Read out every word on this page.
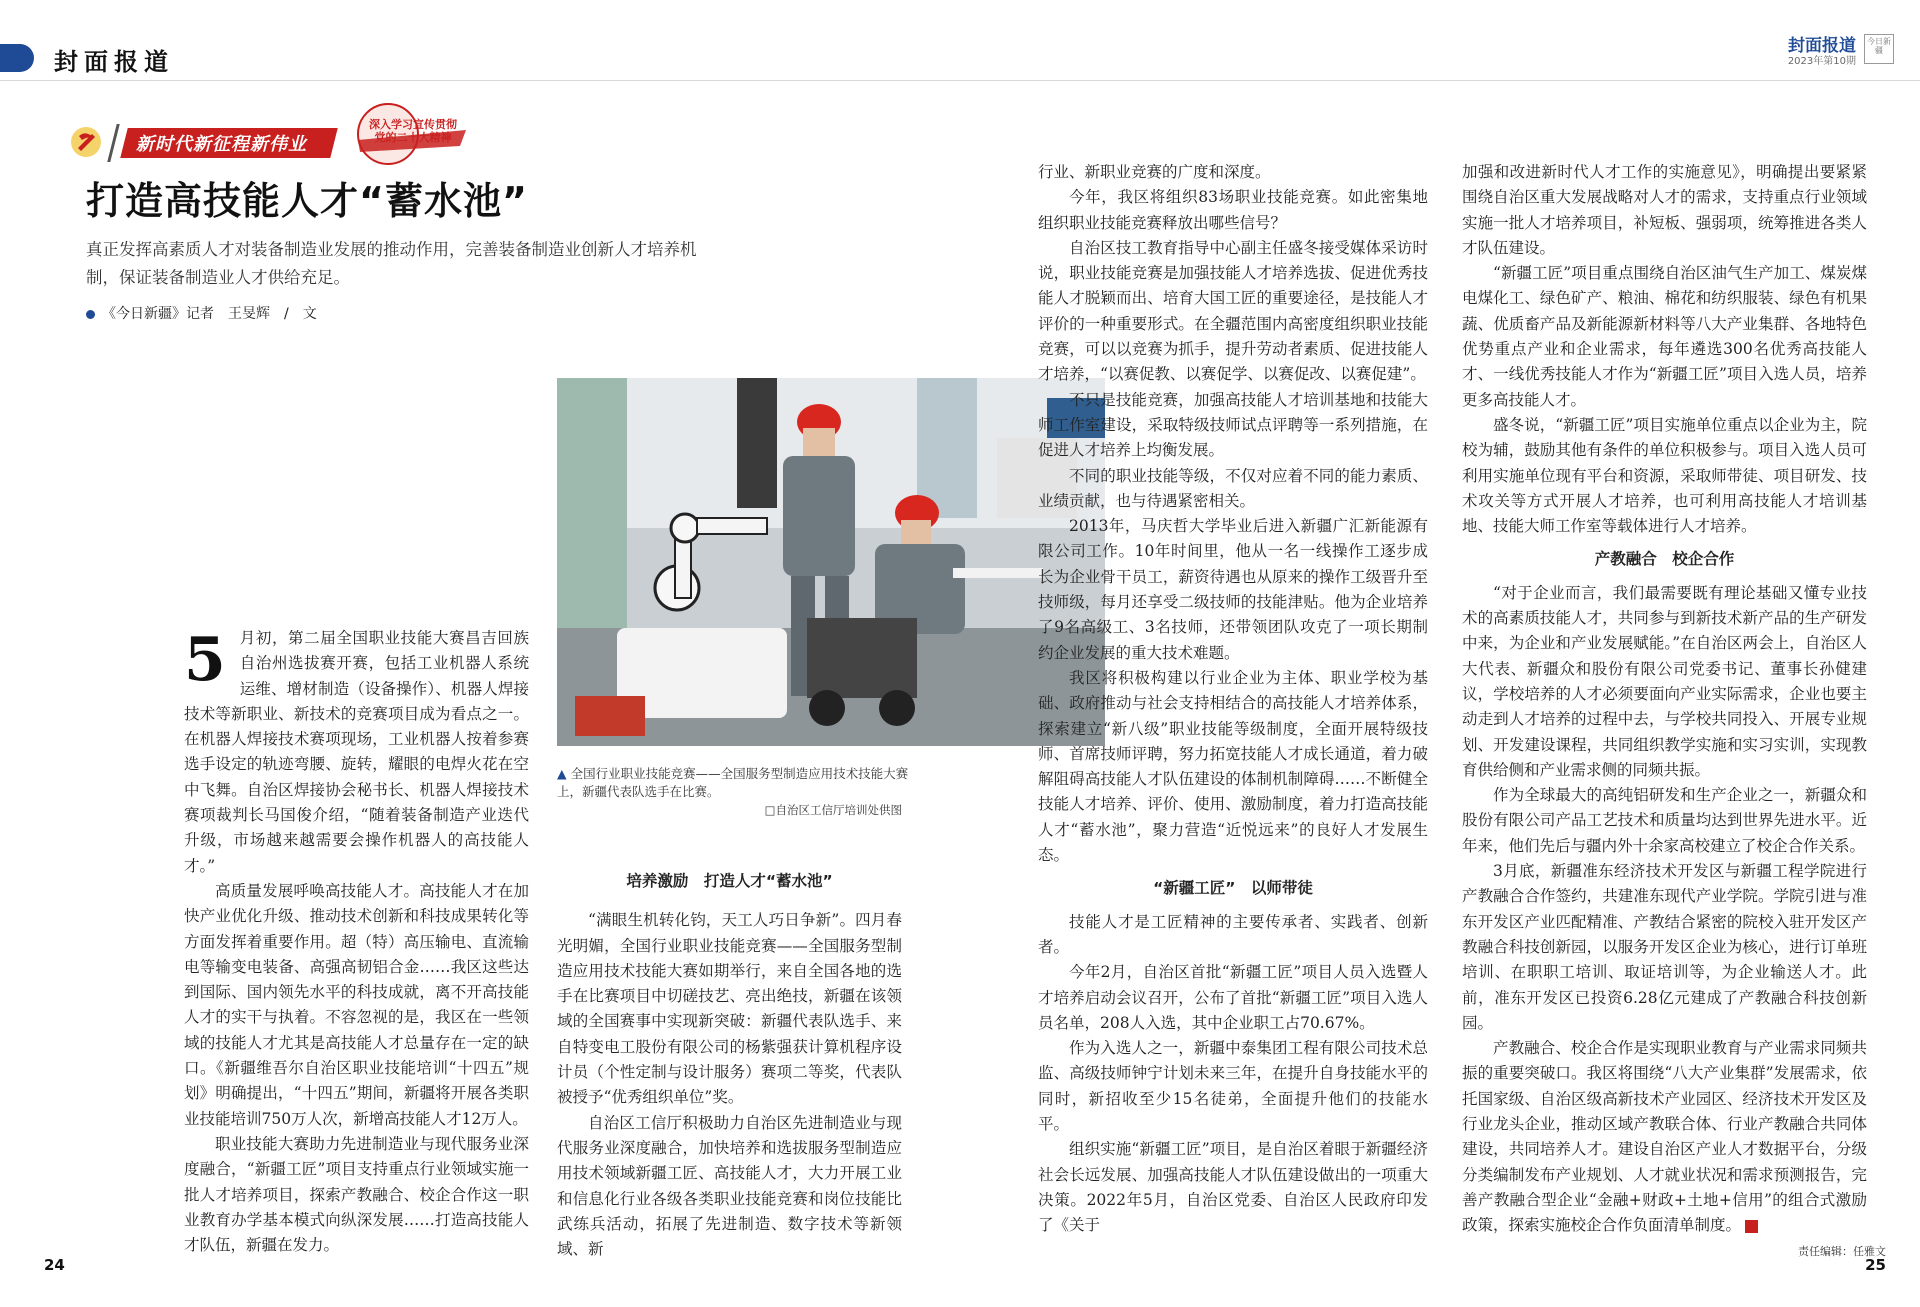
封面报道
封面报道
2023年第10期
今日新疆
新时代新征程新伟业
深入学习宣传贯彻党的二十大精神
打造高技能人才“蓄水池”
真正发挥高素质人才对装备制造业发展的推动作用，完善装备制造业创新人才培养机制，保证装备制造业人才供给充足。
《今日新疆》记者　王旻辉　/　文
▲ 全国行业职业技能竞赛——全国服务型制造应用技术技能大赛上，新疆代表队选手在比赛。
□自治区工信厅培训处供图
5 月初，第二届全国职业技能大赛昌吉回族自治州选拔赛开赛，包括工业机器人系统运维、增材制造（设备操作）、机器人焊接技术等新职业、新技术的竞赛项目成为看点之一。在机器人焊接技术赛项现场，工业机器人按着参赛选手设定的轨迹弯腰、旋转，耀眼的电焊火花在空中飞舞。自治区焊接协会秘书长、机器人焊接技术赛项裁判长马国俊介绍，“随着装备制造产业迭代升级，市场越来越需要会操作机器人的高技能人才。”

高质量发展呼唤高技能人才。高技能人才在加快产业优化升级、推动技术创新和科技成果转化等方面发挥着重要作用。超（特）高压输电、直流输电等输变电装备、高强高韧铝合金……我区这些达到国际、国内领先水平的科技成就，离不开高技能人才的实干与执着。不容忽视的是，我区在一些领域的技能人才尤其是高技能人才总量存在一定的缺口。《新疆维吾尔自治区职业技能培训“十四五”规划》明确提出，“十四五”期间，新疆将开展各类职业技能培训750万人次，新增高技能人才12万人。

职业技能大赛助力先进制造业与现代服务业深度融合，“新疆工匠”项目支持重点行业领域实施一批人才培养项目，探索产教融合、校企合作这一职业教育办学基本模式向纵深发展……打造高技能人才队伍，新疆在发力。

培养激励　打造人才“蓄水池”

“满眼生机转化钧，天工人巧日争新”。四月春光明媚，全国行业职业技能竞赛——全国服务型制造应用技术技能大赛如期举行，来自全国各地的选手在比赛项目中切磋技艺、亮出绝技，新疆在该领域的全国赛事中实现新突破：新疆代表队选手、来自特变电工股份有限公司的杨紫强获计算机程序设计员（个性定制与设计服务）赛项二等奖，代表队被授予“优秀组织单位”奖。

自治区工信厅积极助力自治区先进制造业与现代服务业深度融合，加快培养和选拔服务型制造应用技术领域新疆工匠、高技能人才，大力开展工业和信息化行业各级各类职业技能竞赛和岗位技能比武练兵活动，拓展了先进制造、数字技术等新领域、新

行业、新职业竞赛的广度和深度。

今年，我区将组织83场职业技能竞赛。如此密集地组织职业技能竞赛释放出哪些信号？

自治区技工教育指导中心副主任盛冬接受媒体采访时说，职业技能竞赛是加强技能人才培养选拔、促进优秀技能人才脱颖而出、培育大国工匠的重要途径，是技能人才评价的一种重要形式。在全疆范围内高密度组织职业技能竞赛，可以以竞赛为抓手，提升劳动者素质、促进技能人才培养，“以赛促教、以赛促学、以赛促改、以赛促建”。

不只是技能竞赛，加强高技能人才培训基地和技能大师工作室建设，采取特级技师试点评聘等一系列措施，在促进人才培养上均衡发展。

不同的职业技能等级，不仅对应着不同的能力素质、业绩贡献，也与待遇紧密相关。

2013年，马庆哲大学毕业后进入新疆广汇新能源有限公司工作。10年时间里，他从一名一线操作工逐步成长为企业骨干员工，薪资待遇也从原来的操作工级晋升至技师级，每月还享受二级技师的技能津贴。他为企业培养了9名高级工、3名技师，还带领团队攻克了一项长期制约企业发展的重大技术难题。

我区将积极构建以行业企业为主体、职业学校为基础、政府推动与社会支持相结合的高技能人才培养体系，探索建立“新八级”职业技能等级制度，全面开展特级技师、首席技师评聘，努力拓宽技能人才成长通道，着力破解阻碍高技能人才队伍建设的体制机制障碍……不断健全技能人才培养、评价、使用、激励制度，着力打造高技能人才“蓄水池”，聚力营造“近悦远来”的良好人才发展生态。

“新疆工匠”　以师带徒

技能人才是工匠精神的主要传承者、实践者、创新者。

今年2月，自治区首批“新疆工匠”项目人员入选暨人才培养启动会议召开，公布了首批“新疆工匠”项目入选人员名单，208人入选，其中企业职工占70.67%。

作为入选人之一，新疆中泰集团工程有限公司技术总监、高级技师钟宁计划未来三年，在提升自身技能水平的同时，新招收至少15名徒弟，全面提升他们的技能水平。

组织实施“新疆工匠”项目，是自治区着眼于新疆经济社会长远发展、加强高技能人才队伍建设做出的一项重大决策。2022年5月，自治区党委、自治区人民政府印发了《关于

加强和改进新时代人才工作的实施意见》，明确提出要紧紧围绕自治区重大发展战略对人才的需求，支持重点行业领域实施一批人才培养项目，补短板、强弱项，统筹推进各类人才队伍建设。

“新疆工匠”项目重点围绕自治区油气生产加工、煤炭煤电煤化工、绿色矿产、粮油、棉花和纺织服装、绿色有机果蔬、优质畜产品及新能源新材料等八大产业集群、各地特色优势重点产业和企业需求，每年遴选300名优秀高技能人才、一线优秀技能人才作为“新疆工匠”项目入选人员，培养更多高技能人才。

盛冬说，“新疆工匠”项目实施单位重点以企业为主，院校为辅，鼓励其他有条件的单位积极参与。项目入选人员可利用实施单位现有平台和资源，采取师带徒、项目研发、技术攻关等方式开展人才培养，也可利用高技能人才培训基地、技能大师工作室等载体进行人才培养。

产教融合　校企合作

“对于企业而言，我们最需要既有理论基础又懂专业技术的高素质技能人才，共同参与到新技术新产品的生产研发中来，为企业和产业发展赋能。”在自治区两会上，自治区人大代表、新疆众和股份有限公司党委书记、董事长孙健建议，学校培养的人才必须要面向产业实际需求，企业也要主动走到人才培养的过程中去，与学校共同投入、开展专业规划、开发建设课程，共同组织教学实施和实习实训，实现教育供给侧和产业需求侧的同频共振。

作为全球最大的高纯铝研发和生产企业之一，新疆众和股份有限公司产品工艺技术和质量均达到世界先进水平。近年来，他们先后与疆内外十余家高校建立了校企合作关系。

3月底，新疆准东经济技术开发区与新疆工程学院进行产教融合合作签约，共建准东现代产业学院。学院引进与准东开发区产业匹配精准、产教结合紧密的院校入驻开发区产教融合科技创新园，以服务开发区企业为核心，进行订单班培训、在职职工培训、取证培训等，为企业输送人才。此前，准东开发区已投资6.28亿元建成了产教融合科技创新园。

产教融合、校企合作是实现职业教育与产业需求同频共振的重要突破口。我区将围绕“八大产业集群”发展需求，依托国家级、自治区级高新技术产业园区、经济技术开发区及行业龙头企业，推动区域产教联合体、行业产教融合共同体建设，共同培养人才。建设自治区产业人才数据平台，分级分类编制发布产业规划、人才就业状况和需求预测报告，完善产教融合型企业“金融+财政+土地+信用”的组合式激励政策，探索实施校企合作负面清单制度。

24	25
责任编辑：任雅文
